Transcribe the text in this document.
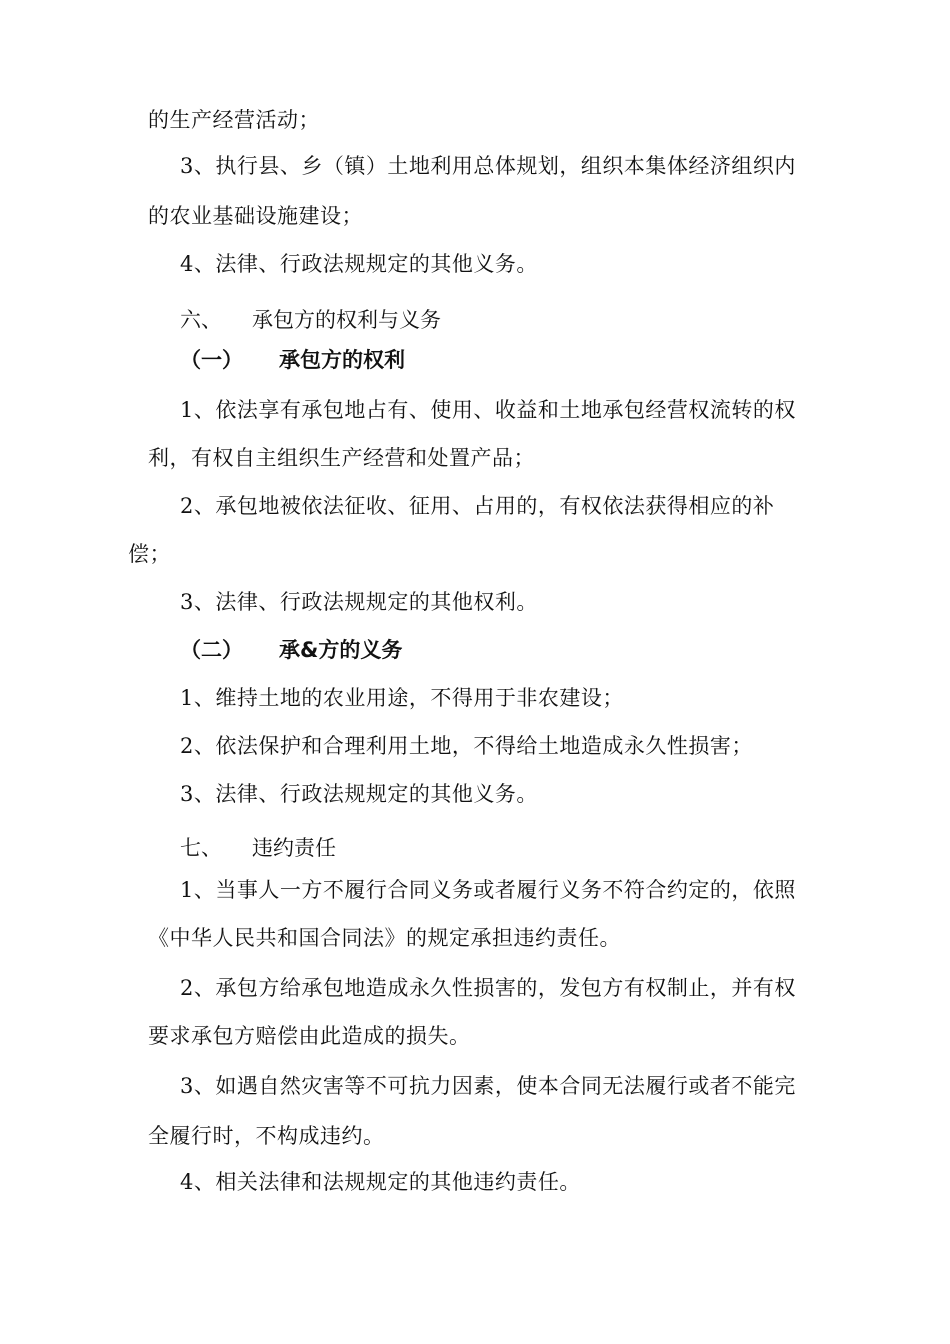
的生产经营活动；
3、执行县、乡（镇）土地利用总体规划，组织本集体经济组织内
的农业基础设施建设；
4、法律、行政法规规定的其他义务。
六、 承包方的权利与义务
（一） 承包方的权利
1、依法享有承包地占有、使用、收益和土地承包经营权流转的权
利，有权自主组织生产经营和处置产品；
2、承包地被依法征收、征用、占用的，有权依法获得相应的补
偿；
3、法律、行政法规规定的其他权利。
（二） 承&方的义务
1、维持土地的农业用途，不得用于非农建设；
2、依法保护和合理利用土地，不得给土地造成永久性损害；
3、法律、行政法规规定的其他义务。
七、 违约责任
1、当事人一方不履行合同义务或者履行义务不符合约定的，依照
《中华人民共和国合同法》的规定承担违约责任。
2、承包方给承包地造成永久性损害的，发包方有权制止，并有权
要求承包方赔偿由此造成的损失。
3、如遇自然灾害等不可抗力因素，使本合同无法履行或者不能完
全履行时，不构成违约。
4、相关法律和法规规定的其他违约责任。
